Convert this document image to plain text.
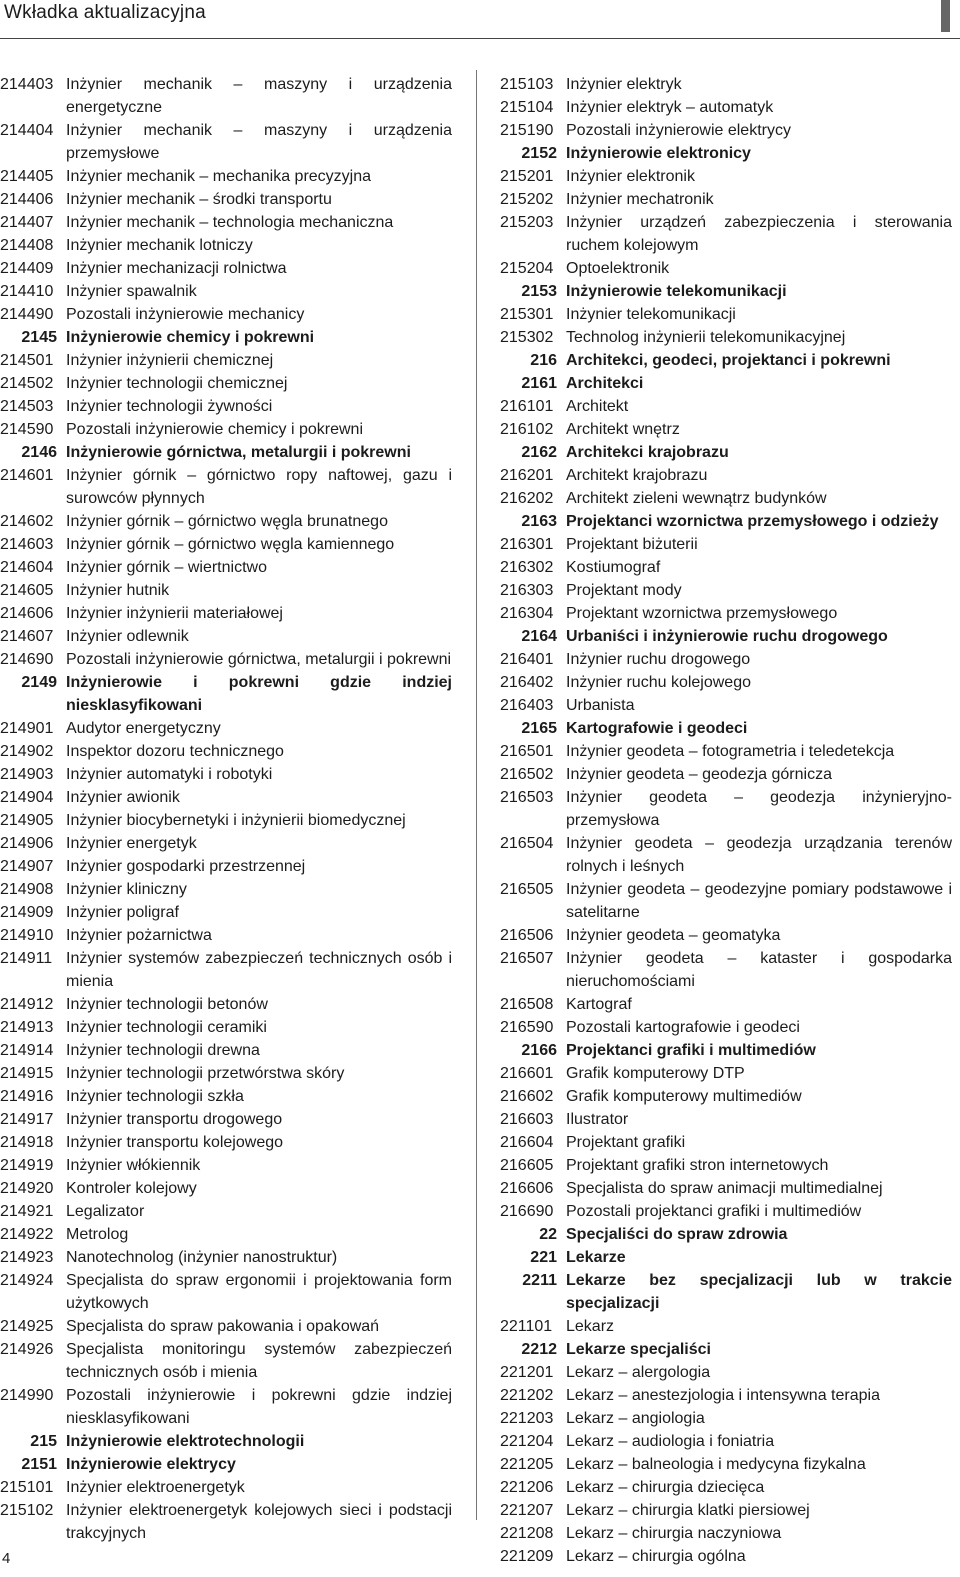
Wkładka aktualizacyjna
214403 Inżynier mechanik – maszyny i urządzenia energetyczne
214404 Inżynier mechanik – maszyny i urządzenia przemysłowe
214405 Inżynier mechanik – mechanika precyzyjna
214406 Inżynier mechanik – środki transportu
214407 Inżynier mechanik – technologia mechaniczna
214408 Inżynier mechanik lotniczy
214409 Inżynier mechanizacji rolnictwa
214410 Inżynier spawalnik
214490 Pozostali inżynierowie mechanicy
2145 Inżynierowie chemicy i pokrewni
214501 Inżynier inżynierii chemicznej
214502 Inżynier technologii chemicznej
214503 Inżynier technologii żywności
214590 Pozostali inżynierowie chemicy i pokrewni
2146 Inżynierowie górnictwa, metalurgii i pokrewni
214601 Inżynier górnik – górnictwo ropy naftowej, gazu i surowców płynnych
214602 Inżynier górnik – górnictwo węgla brunatnego
214603 Inżynier górnik – górnictwo węgla kamiennego
214604 Inżynier górnik – wiertnictwo
214605 Inżynier hutnik
214606 Inżynier inżynierii materiałowej
214607 Inżynier odlewnik
214690 Pozostali inżynierowie górnictwa, metalurgii i pokrewni
2149 Inżynierowie i pokrewni gdzie indziej niesklasyfikowani
214901 Audytor energetyczny
214902 Inspektor dozoru technicznego
214903 Inżynier automatyki i robotyki
214904 Inżynier awionik
214905 Inżynier biocybernetyki i inżynierii biomedycznej
214906 Inżynier energetyk
214907 Inżynier gospodarki przestrzennej
214908 Inżynier kliniczny
214909 Inżynier poligraf
214910 Inżynier pożarnictwa
214911 Inżynier systemów zabezpieczeń technicznych osób i mienia
214912 Inżynier technologii betonów
214913 Inżynier technologii ceramiki
214914 Inżynier technologii drewna
214915 Inżynier technologii przetwórstwa skóry
214916 Inżynier technologii szkła
214917 Inżynier transportu drogowego
214918 Inżynier transportu kolejowego
214919 Inżynier włókiennik
214920 Kontroler kolejowy
214921 Legalizator
214922 Metrolog
214923 Nanotechnolog (inżynier nanostruktur)
214924 Specjalista do spraw ergonomii i projektowania form użytkowych
214925 Specjalista do spraw pakowania i opakowań
214926 Specjalista monitoringu systemów zabezpieczeń technicznych osób i mienia
214990 Pozostali inżynierowie i pokrewni gdzie indziej niesklasyfikowani
215 Inżynierowie elektrotechnologii
2151 Inżynierowie elektrycy
215101 Inżynier elektroenergetyk
215102 Inżynier elektroenergetyk kolejowych sieci i podstacji trakcyjnych
215103 Inżynier elektryk
215104 Inżynier elektryk – automatyk
215190 Pozostali inżynierowie elektrycy
2152 Inżynierowie elektronicy
215201 Inżynier elektronik
215202 Inżynier mechatronik
215203 Inżynier urządzeń zabezpieczenia i sterowania ruchem kolejowym
215204 Optoelektronik
2153 Inżynierowie telekomunikacji
215301 Inżynier telekomunikacji
215302 Technolog inżynierii telekomunikacyjnej
216 Architekci, geodeci, projektanci i pokrewni
2161 Architekci
216101 Architekt
216102 Architekt wnętrz
2162 Architekci krajobrazu
216201 Architekt krajobrazu
216202 Architekt zieleni wewnątrz budynków
2163 Projektanci wzornictwa przemysłowego i odzieży
216301 Projektant biżuterii
216302 Kostiumograf
216303 Projektant mody
216304 Projektant wzornictwa przemysłowego
2164 Urbaniści i inżynierowie ruchu drogowego
216401 Inżynier ruchu drogowego
216402 Inżynier ruchu kolejowego
216403 Urbanista
2165 Kartografowie i geodeci
216501 Inżynier geodeta – fotogrametria i teledetekcja
216502 Inżynier geodeta – geodezja górnicza
216503 Inżynier geodeta – geodezja inżynieryjno-przemysłowa
216504 Inżynier geodeta – geodezja urządzania terenów rolnych i leśnych
216505 Inżynier geodeta – geodezyjne pomiary podstawowe i satelitarne
216506 Inżynier geodeta – geomatyka
216507 Inżynier geodeta – kataster i gospodarka nieruchomościami
216508 Kartograf
216590 Pozostali kartografowie i geodeci
2166 Projektanci grafiki i multimediów
216601 Grafik komputerowy DTP
216602 Grafik komputerowy multimediów
216603 Ilustrator
216604 Projektant grafiki
216605 Projektant grafiki stron internetowych
216606 Specjalista do spraw animacji multimedialnej
216690 Pozostali projektanci grafiki i multimediów
22 Specjaliści do spraw zdrowia
221 Lekarze
2211 Lekarze bez specjalizacji lub w trakcie specjalizacji
221101 Lekarz
2212 Lekarze specjaliści
221201 Lekarz – alergologia
221202 Lekarz – anestezjologia i intensywna terapia
221203 Lekarz – angiologia
221204 Lekarz – audiologia i foniatria
221205 Lekarz – balneologia i medycyna fizykalna
221206 Lekarz – chirurgia dziecięca
221207 Lekarz – chirurgia klatki piersiowej
221208 Lekarz – chirurgia naczyniowa
221209 Lekarz – chirurgia ogólna
4
